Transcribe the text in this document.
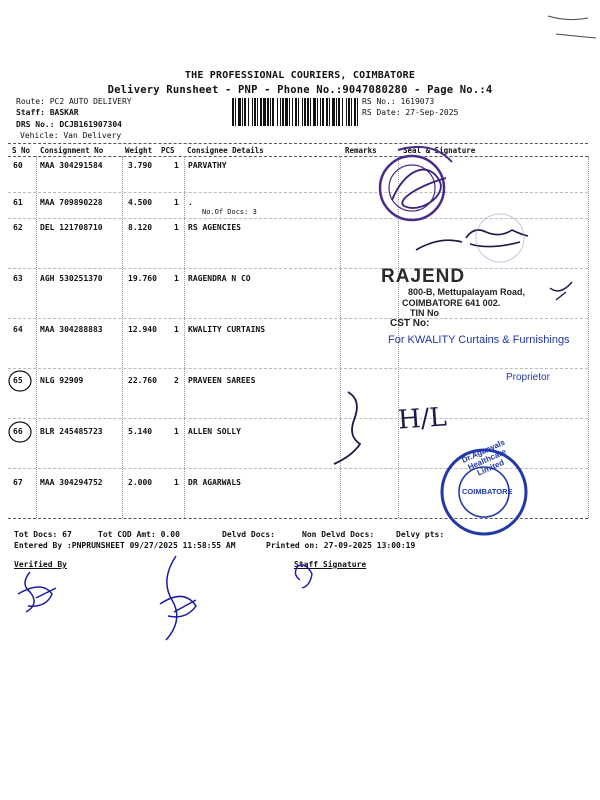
THE PROFESSIONAL COURIERS, COIMBATORE
Delivery Runsheet - PNP - Phone No.:9047080280 - Page No.:4
Route: PC2 AUTO DELIVERY
Staff: BASKAR
DRS No.: DCJB161907304
Vehicle: Van Delivery
RS No.: 1619073
RS Date: 27-Sep-2025
S No Consignment No	Weight PCS Consignee Details	Remarks	Seal & Signature
60 MAA 304291584	3.790	1 PARVATHY
61 MAA 709890228	4.500	1 .
No.Of Docs: 3
62 DEL 121708710	8.120	1 RS AGENCIES
63 AGH 530251370	19.760 1 RAGENDRA N CO
64 MAA 304288883	12.940 1 KWALITY CURTAINS
65 NLG 92909	22.760 2 PRAVEEN SAREES
66 BLR 245485723	5.140	1 ALLEN SOLLY
67 MAA 304294752	2.000	1 DR AGARWALS
Tot Docs: 67	Tot COD Amt: 0.00	Delvd Docs:	Non Delvd Docs:	Delvy pts:
Entered By :PNPRUNSHEET 09/27/2025 11:58:55 AM	Printed on: 27-09-2025 13:00:19
Verified By	Staff Signature
RAJEND
800-B, Mettupalayam Road,
COIMBATORE 641 002.
TIN No
CST No:
For KWALITY Curtains & Furnishings
Proprietor
H/L
Dr.Agarwals Healthcare Limited
COIMBATORE
